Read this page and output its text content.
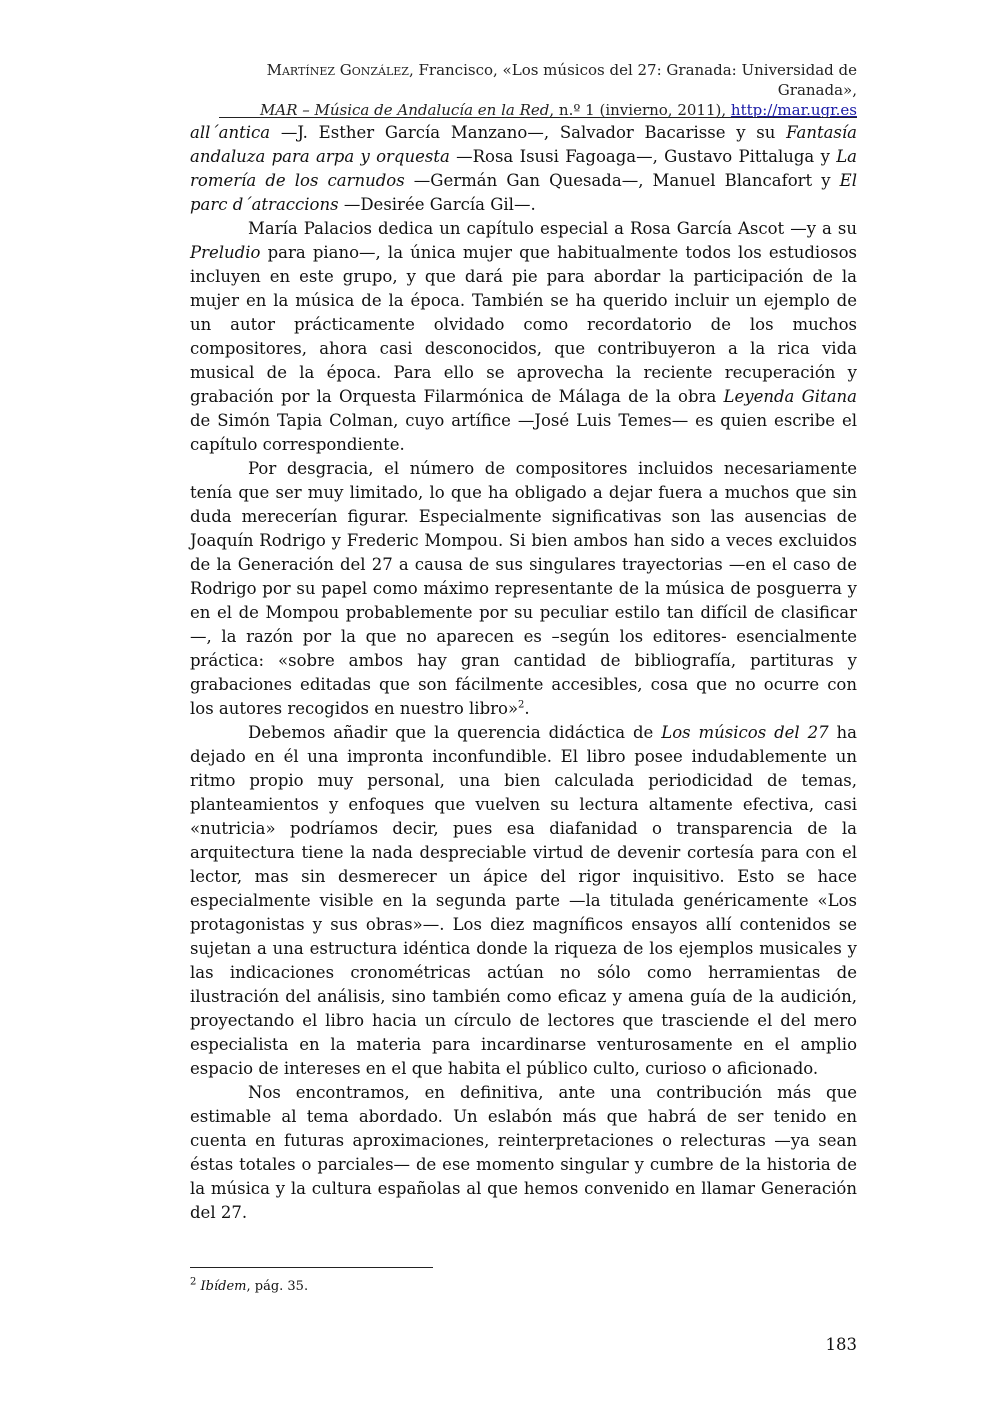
Martínez González, Francisco, «Los músicos del 27: Granada: Universidad de Granada»,
MAR – Música de Andalucía en la Red, n.º 1 (invierno, 2011), http://mar.ugr.es

all´antica —J. Esther García Manzano—, Salvador Bacarisse y su Fantasía andaluza para arpa y orquesta —Rosa Isusi Fagoaga—, Gustavo Pittaluga y La romería de los carnudos —Germán Gan Quesada—, Manuel Blancafort y El parc d´atraccions —Desirée García Gil—.

María Palacios dedica un capítulo especial a Rosa García Ascot —y a su Preludio para piano—, la única mujer que habitualmente todos los estudiosos incluyen en este grupo, y que dará pie para abordar la participación de la mujer en la música de la época. También se ha querido incluir un ejemplo de un autor prácticamente olvidado como recordatorio de los muchos compositores, ahora casi desconocidos, que contribuyeron a la rica vida musical de la época. Para ello se aprovecha la reciente recuperación y grabación por la Orquesta Filarmónica de Málaga de la obra Leyenda Gitana de Simón Tapia Colman, cuyo artífice —José Luis Temes— es quien escribe el capítulo correspondiente.

Por desgracia, el número de compositores incluidos necesariamente tenía que ser muy limitado, lo que ha obligado a dejar fuera a muchos que sin duda merecerían figurar. Especialmente significativas son las ausencias de Joaquín Rodrigo y Frederic Mompou. Si bien ambos han sido a veces excluidos de la Generación del 27 a causa de sus singulares trayectorias —en el caso de Rodrigo por su papel como máximo representante de la música de posguerra y en el de Mompou probablemente por su peculiar estilo tan difícil de clasificar—, la razón por la que no aparecen es –según los editores- esencialmente práctica: «sobre ambos hay gran cantidad de bibliografía, partituras y grabaciones editadas que son fácilmente accesibles, cosa que no ocurre con los autores recogidos en nuestro libro»$^2$.

Debemos añadir que la querencia didáctica de Los músicos del 27 ha dejado en él una impronta inconfundible. El libro posee indudablemente un ritmo propio muy personal, una bien calculada periodicidad de temas, planteamientos y enfoques que vuelven su lectura altamente efectiva, casi «nutricia» podríamos decir, pues esa diafanidad o transparencia de la arquitectura tiene la nada despreciable virtud de devenir cortesía para con el lector, mas sin desmerecer un ápice del rigor inquisitivo. Esto se hace especialmente visible en la segunda parte —la titulada genéricamente «Los protagonistas y sus obras»—. Los diez magníficos ensayos allí contenidos se sujetan a una estructura idéntica donde la riqueza de los ejemplos musicales y las indicaciones cronométricas actúan no sólo como herramientas de ilustración del análisis, sino también como eficaz y amena guía de la audición, proyectando el libro hacia un círculo de lectores que trasciende el del mero especialista en la materia para incardinarse venturosamente en el amplio espacio de intereses en el que habita el público culto, curioso o aficionado.

Nos encontramos, en definitiva, ante una contribución más que estimable al tema abordado. Un eslabón más que habrá de ser tenido en cuenta en futuras aproximaciones, reinterpretaciones o relecturas —ya sean éstas totales o parciales— de ese momento singular y cumbre de la historia de la música y la cultura españolas al que hemos convenido en llamar Generación del 27.

$^2$ Ibídem, pág. 35.
183
